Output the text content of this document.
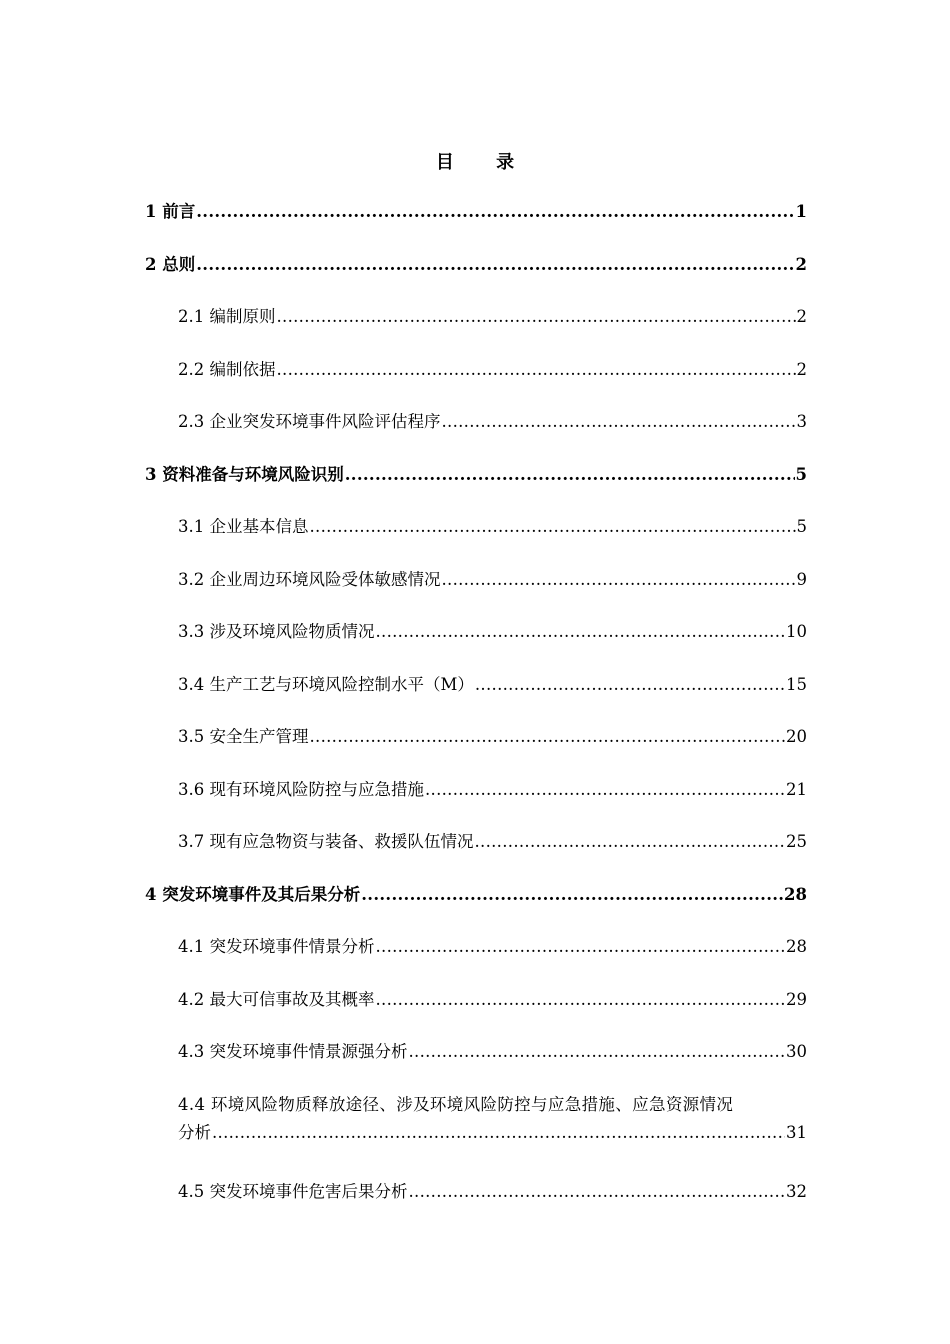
目 录
1 前言 .....	1
2 总则 .....	2
2.1 编制原则 .....	2
2.2 编制依据 .....	2
2.3 企业突发环境事件风险评估程序 .....	3
3 资料准备与环境风险识别 .....	5
3.1 企业基本信息 .....	5
3.2 企业周边环境风险受体敏感情况 .....	9
3.3 涉及环境风险物质情况 .....	10
3.4 生产工艺与环境风险控制水平（M） .....	15
3.5 安全生产管理 .....	20
3.6 现有环境风险防控与应急措施 .....	21
3.7 现有应急物资与装备、救援队伍情况 .....	25
4 突发环境事件及其后果分析 .....	28
4.1 突发环境事件情景分析 .....	28
4.2 最大可信事故及其概率 .....	29
4.3 突发环境事件情景源强分析 .....	30
4.4 环境风险物质释放途径、涉及环境风险防控与应急措施、应急资源情况
分析 .....	31
4.5 突发环境事件危害后果分析 .....	32
